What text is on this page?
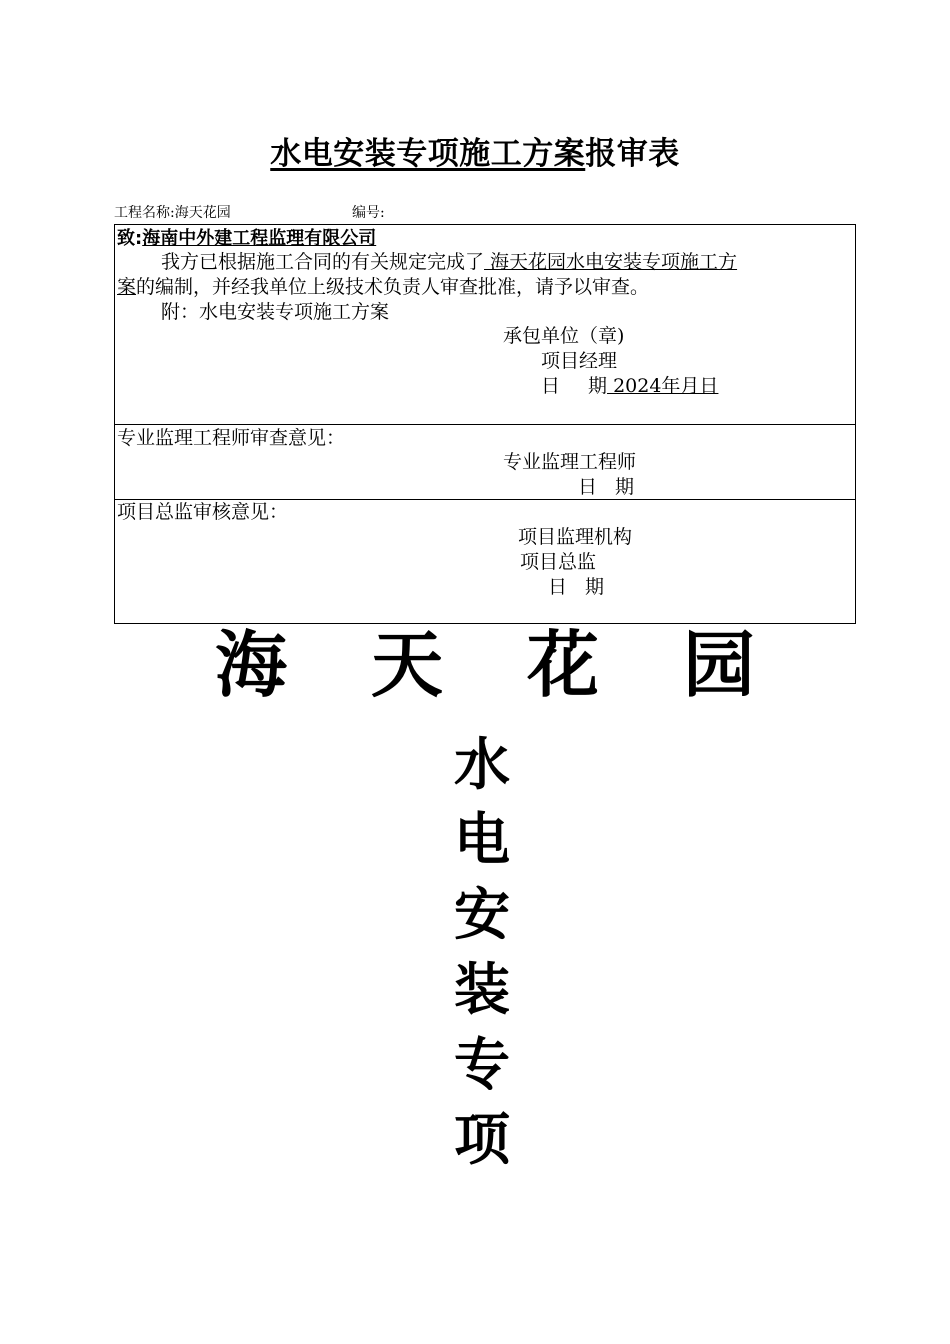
水电安装专项施工方案报审表
工程名称:海天花园	编号:
致:海南中外建工程监理有限公司
我方已根据施工合同的有关规定完成了 海天花园水电安装专项施工方
案的编制，并经我单位上级技术负责人审查批准，请予以审查。
附：水电安装专项施工方案
承包单位（章)
项目经理
日 期 2024年月日
专业监理工程师审查意见：
专业监理工程师
日 期
项目总监审核意见：
项目监理机构
项目总监
日 期
海 天 花 园
水
电
安
装
专
项
